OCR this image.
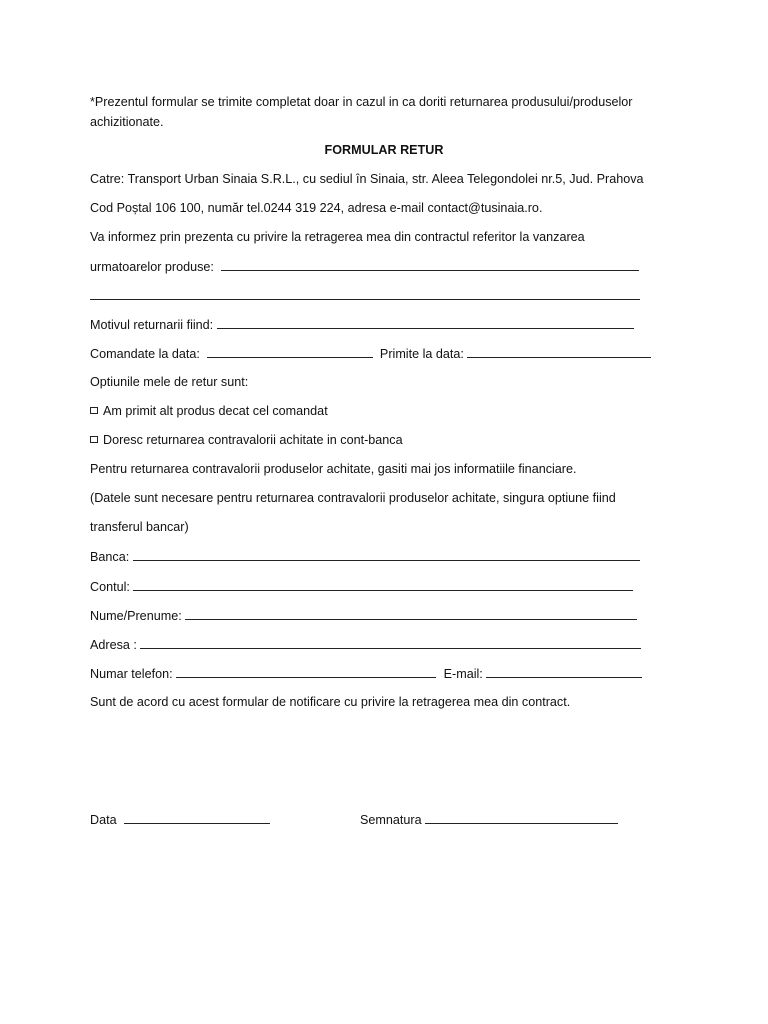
*Prezentul formular se trimite completat doar in cazul in ca doriti returnarea produsului/produselor
achizitionate.
FORMULAR RETUR
Catre: Transport Urban Sinaia S.R.L., cu sediul în Sinaia, str. Aleea Telegondolei nr.5, Jud. Prahova
Cod Poștal 106 100, număr tel.0244 319 224, adresa e-mail contact@tusinaia.ro.
Va informez prin prezenta cu privire la retragerea mea din contractul referitor la vanzarea
urmatoarelor produse:
Motivul returnarii fiind:
Comandate la data:	Primite la data:
Optiunile mele de retur sunt:
Am primit alt produs decat cel comandat
Doresc returnarea contravalorii achitate in cont-banca
Pentru returnarea contravalorii produselor achitate, gasiti mai jos informatiile financiare.
(Datele sunt necesare pentru returnarea contravalorii produselor achitate, singura optiune fiind
transferul bancar)
Banca:
Contul:
Nume/Prenume:
Adresa :
Numar telefon:	E-mail:
Sunt de acord cu acest formular de notificare cu privire la retragerea mea din contract.
Data	Semnatura
